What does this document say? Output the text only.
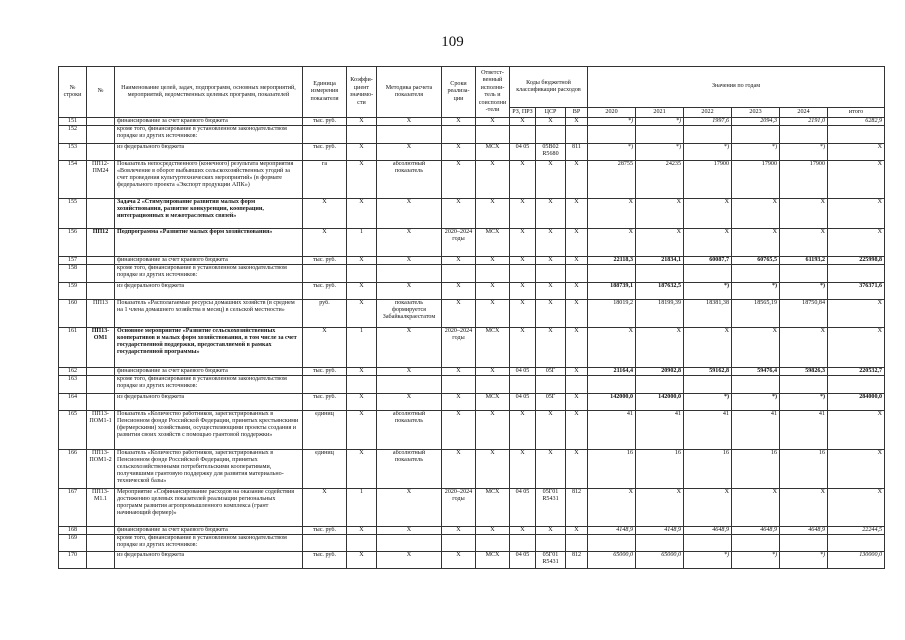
109
№ строки	№	Наименование целей, задач, подпрограмм, основных мероприятий, мероприятий, ведомственных целевых программ, показателей	Единица измерения показателя	Коэффи-циент значимо-сти	Методика расчета показателя	Сроки реализа-ции	Ответст-венный исполни-тель и соисполни-тели	Коды бюджетной классификации расходов			Значения по годам					
								РЗ, ПРЗ	ЦСР	ВР	2020	2021	2022	2023	2024	итого
151		финансирование за счет краевого бюджета	тыс. руб.	X	X	X	X	X	X	X	*)	*)	1997,6	2094,3	2191,0	6282,9
152		кроме того, финансирование в установленном законодательством порядке из других источников:														
153		из федерального бюджета	тыс. руб.	X	X	X	МСХ	04 05	05В02 R5680	811	*)	*)	*)	*)	*)	X
154	ПП12-ПМ24	Показатель непосредственного (конечного) результата мероприятия «Вовлечение в оборот выбывших сельскохозяйственных угодий за счет проведения культуртехнических мероприятий» (в формате федерального проекта «Экспорт продукции АПК»)	га	X	абсолютный показатель	X	X	X	X	X	28755	24235	17900	17900	17900	X
155		Задача 2 «Стимулирование развития малых форм хозяйствования, развитие конкуренции, кооперации, интеграционных и межотраслевых связей»	X	X	X	X	X	X	X	X	X	X	X	X	X	X
156	ПП12	Подпрограмма «Развитие малых форм хозяйствования»	X	1	X	2020–2024 годы	МСХ	X	X	X	X	X	X	X	X	X
157		финансирование за счет краевого бюджета	тыс. руб.	X	X	X	X	X	X	X	22118,3	21834,1	60087,7	60765,5	61193,2	225998,8
158		кроме того, финансирование в установленном законодательством порядке из других источников:														
159		из федерального бюджета	тыс. руб.	X	X	X	X	X	X	X	188739,1	187632,5	*)	*)	*)	376371,6
160	ПП13	Показатель «Располагаемые ресурсы домашних хозяйств (в среднем на 1 члена домашнего хозяйства в месяц) в сельской местности»	руб.	X	показатель формируется Забайкалкраестатом	X	X	X	X	X	18019,2	18199,39	18381,38	18565,19	18750,84	X
161	ПП13-ОМ1	Основное мероприятие «Развитие сельскохозяйственных кооперативов и малых форм хозяйствования, в том числе за счет государственной поддержки, предоставляемой в рамках государственной программы»	X	1	X	2020–2024 годы	МСХ	X	X	X	X	X	X	X	X	X
162		финансирование за счет краевого бюджета	тыс. руб.	X	X	X	X	04 05	05Г	X	21164,4	20902,8	59162,8	59476,4	59826,3	220532,7
163		кроме того, финансирование в установленном законодательством порядке из других источников:														
164		из федерального бюджета	тыс. руб.	X	X	X	МСХ	04 05	05Г	X	142000,0	142000,0	*)	*)	*)	284000,0
165	ПП13-ПОМ1-1	Показатель «Количество работников, зарегистрированных в Пенсионном фонде Российской Федерации, принятых крестьянскими (фермерскими) хозяйствами, осуществляющими проекты создания и развития своих хозяйств с помощью грантовой поддержки»	единиц	X	абсолютный показатель	X	X	X	X	X	41	41	41	41	41	X
166	ПП13-ПОМ1-2	Показатель «Количество работников, зарегистрированных в Пенсионном фонде Российской Федерации, принятых сельскохозяйственными потребительскими кооперативами, получившими грантовую поддержку для развития материально-технической базы»	единиц	X	абсолютный показатель	X	X	X	X	X	16	16	16	16	16	X
167	ПП13-М1.1	Мероприятие «Софинансирование расходов на оказание содействия достижению целевых показателей реализации региональных программ развития агропромышленного комплекса (грант начинающий фермер)»	X	1	X	2020–2024 годы	МСХ	04 05	05Г01 R5431	812	X	X	X	X	X	X
168		финансирование за счет краевого бюджета	тыс. руб.	X	X	X	X	X	X	X	4148,9	4148,9	4648,9	4648,9	4648,9	22244,5
169		кроме того, финансирование в установленном законодательством порядке из других источников:														
170		из федерального бюджета	тыс. руб.	X	X	X	МСХ	04 05	05Г01 R5431	812	65000,0	65000,0	*)	*)	*)	130000,0
